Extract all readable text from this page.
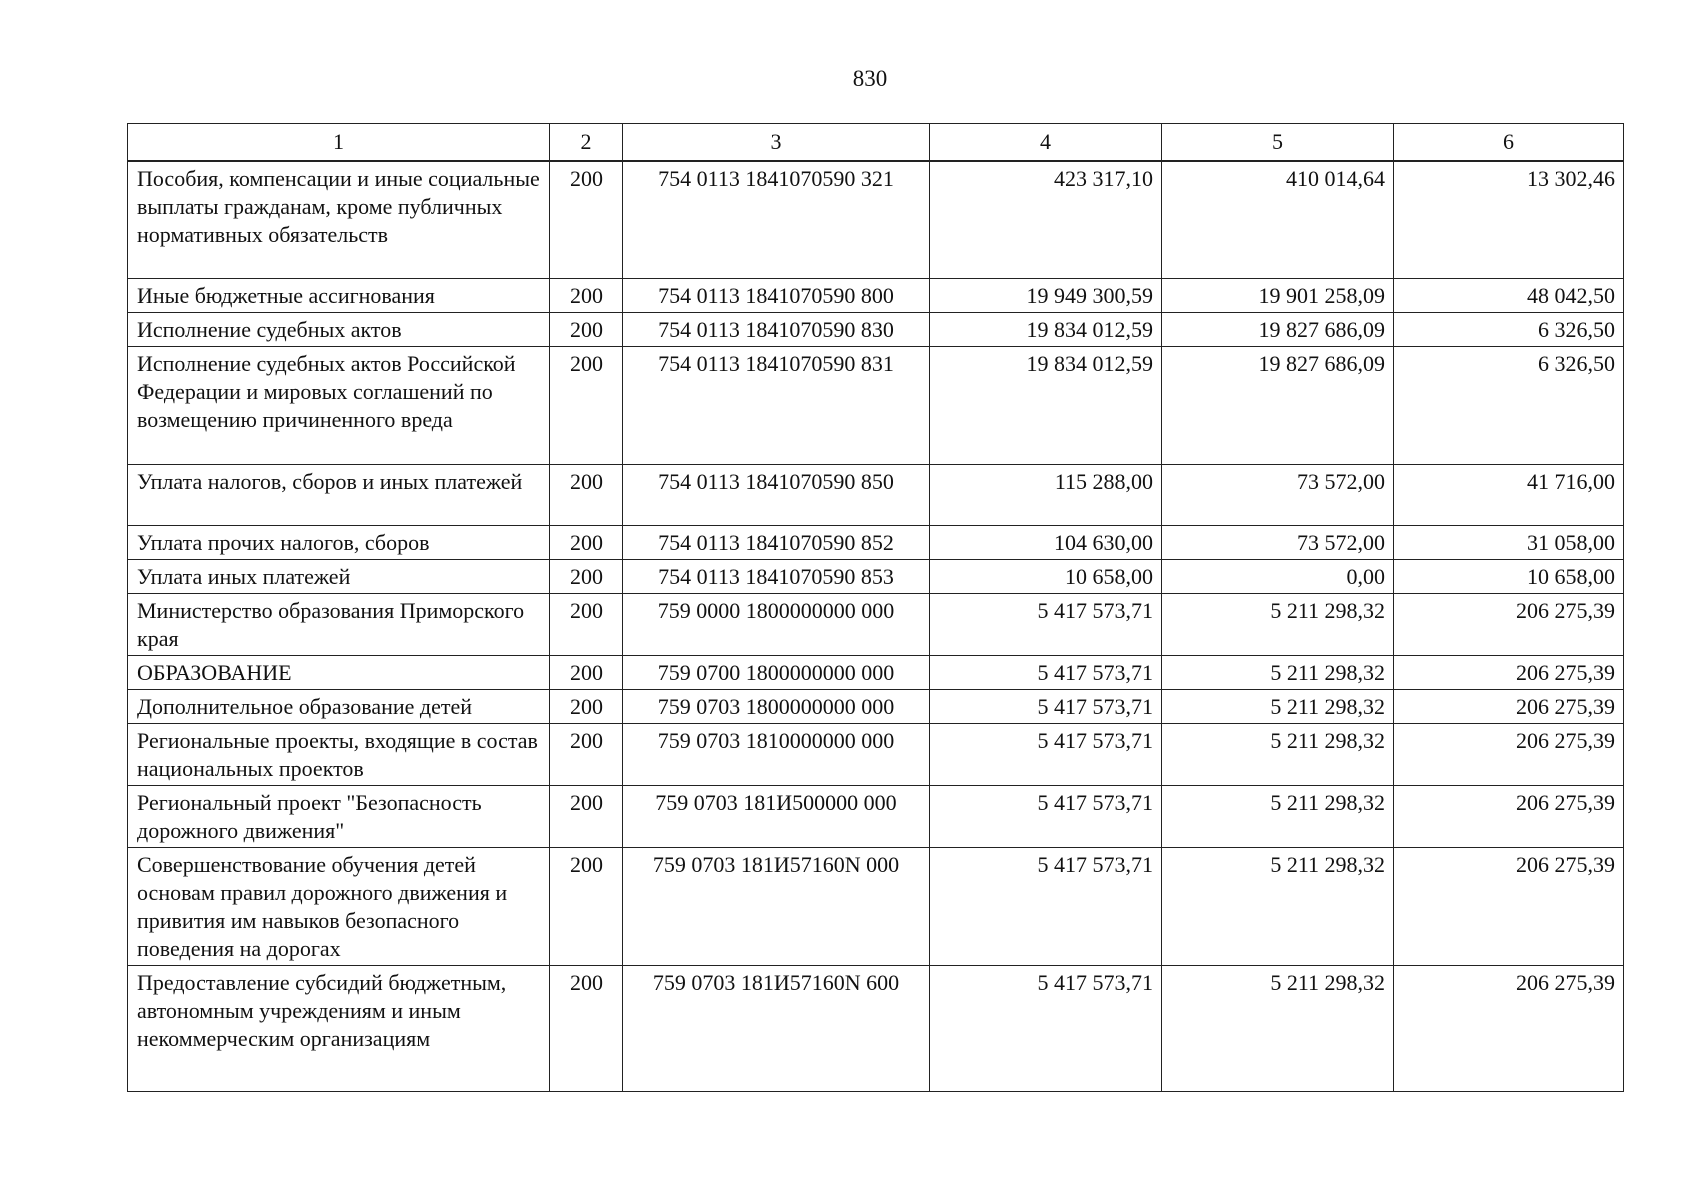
830
1	2	3	4	5	6
Пособия, компенсации и иные социальные выплаты гражданам, кроме публичных нормативных обязательств	200	754 0113 1841070590 321	423 317,10	410 014,64	13 302,46
Иные бюджетные ассигнования	200	754 0113 1841070590 800	19 949 300,59	19 901 258,09	48 042,50
Исполнение судебных актов	200	754 0113 1841070590 830	19 834 012,59	19 827 686,09	6 326,50
Исполнение судебных актов Российской Федерации и мировых соглашений по возмещению причиненного вреда	200	754 0113 1841070590 831	19 834 012,59	19 827 686,09	6 326,50
Уплата налогов, сборов и иных платежей	200	754 0113 1841070590 850	115 288,00	73 572,00	41 716,00
Уплата прочих налогов, сборов	200	754 0113 1841070590 852	104 630,00	73 572,00	31 058,00
Уплата иных платежей	200	754 0113 1841070590 853	10 658,00	0,00	10 658,00
Министерство образования Приморского края	200	759 0000 1800000000 000	5 417 573,71	5 211 298,32	206 275,39
ОБРАЗОВАНИЕ	200	759 0700 1800000000 000	5 417 573,71	5 211 298,32	206 275,39
Дополнительное образование детей	200	759 0703 1800000000 000	5 417 573,71	5 211 298,32	206 275,39
Региональные проекты, входящие в состав национальных проектов	200	759 0703 1810000000 000	5 417 573,71	5 211 298,32	206 275,39
Региональный проект "Безопасность дорожного движения"	200	759 0703 181И500000 000	5 417 573,71	5 211 298,32	206 275,39
Совершенствование обучения детей основам правил дорожного движения и привития им навыков безопасного поведения на дорогах	200	759 0703 181И57160N 000	5 417 573,71	5 211 298,32	206 275,39
Предоставление субсидий бюджетным, автономным учреждениям и иным некоммерческим организациям	200	759 0703 181И57160N 600	5 417 573,71	5 211 298,32	206 275,39
